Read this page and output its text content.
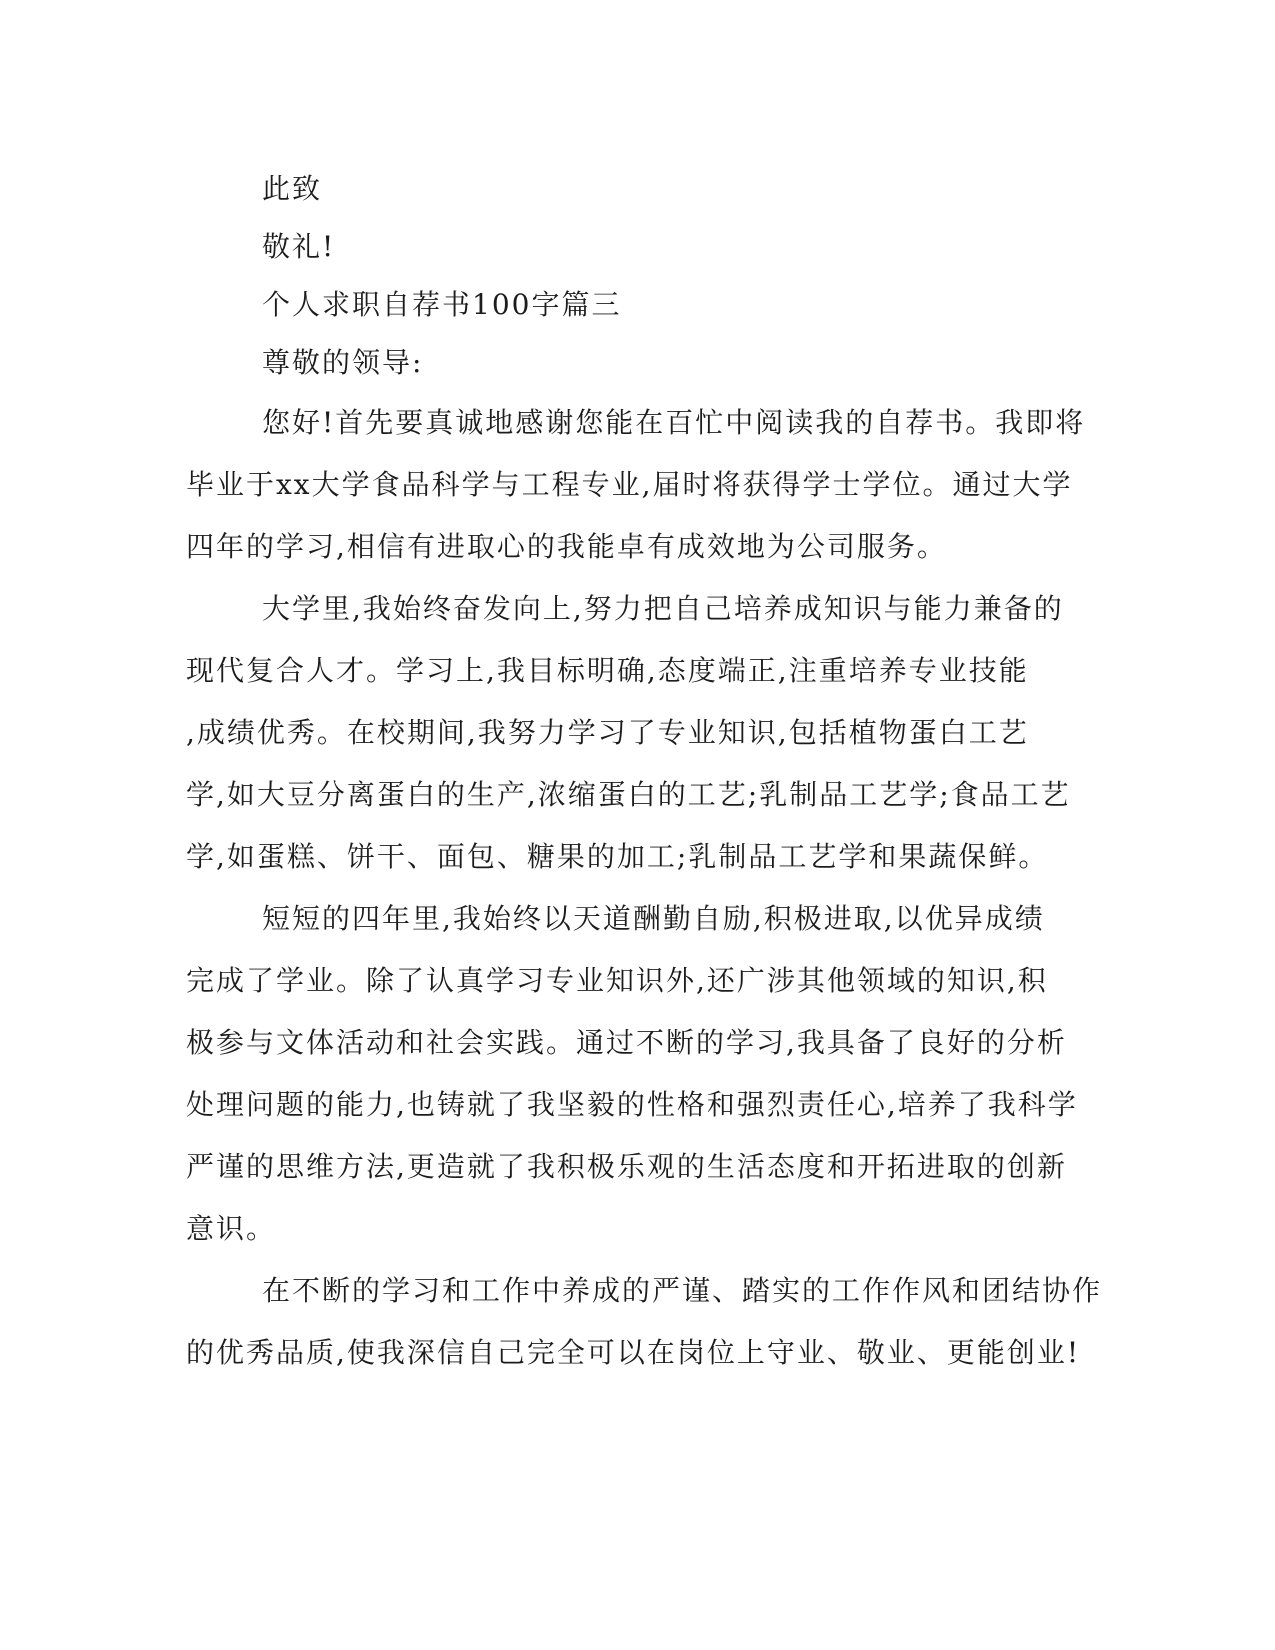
此致
敬礼!
个人求职自荐书100字篇三
尊敬的领导:
您好!首先要真诚地感谢您能在百忙中阅读我的自荐书。我即将
毕业于xx大学食品科学与工程专业,届时将获得学士学位。通过大学
四年的学习,相信有进取心的我能卓有成效地为公司服务。
大学里,我始终奋发向上,努力把自己培养成知识与能力兼备的
现代复合人才。学习上,我目标明确,态度端正,注重培养专业技能
,成绩优秀。在校期间,我努力学习了专业知识,包括植物蛋白工艺
学,如大豆分离蛋白的生产,浓缩蛋白的工艺;乳制品工艺学;食品工艺
学,如蛋糕、饼干、面包、糖果的加工;乳制品工艺学和果蔬保鲜。
短短的四年里,我始终以天道酬勤自励,积极进取,以优异成绩
完成了学业。除了认真学习专业知识外,还广涉其他领域的知识,积
极参与文体活动和社会实践。通过不断的学习,我具备了良好的分析
处理问题的能力,也铸就了我坚毅的性格和强烈责任心,培养了我科学
严谨的思维方法,更造就了我积极乐观的生活态度和开拓进取的创新
意识。
在不断的学习和工作中养成的严谨、踏实的工作作风和团结协作
的优秀品质,使我深信自己完全可以在岗位上守业、敬业、更能创业!
